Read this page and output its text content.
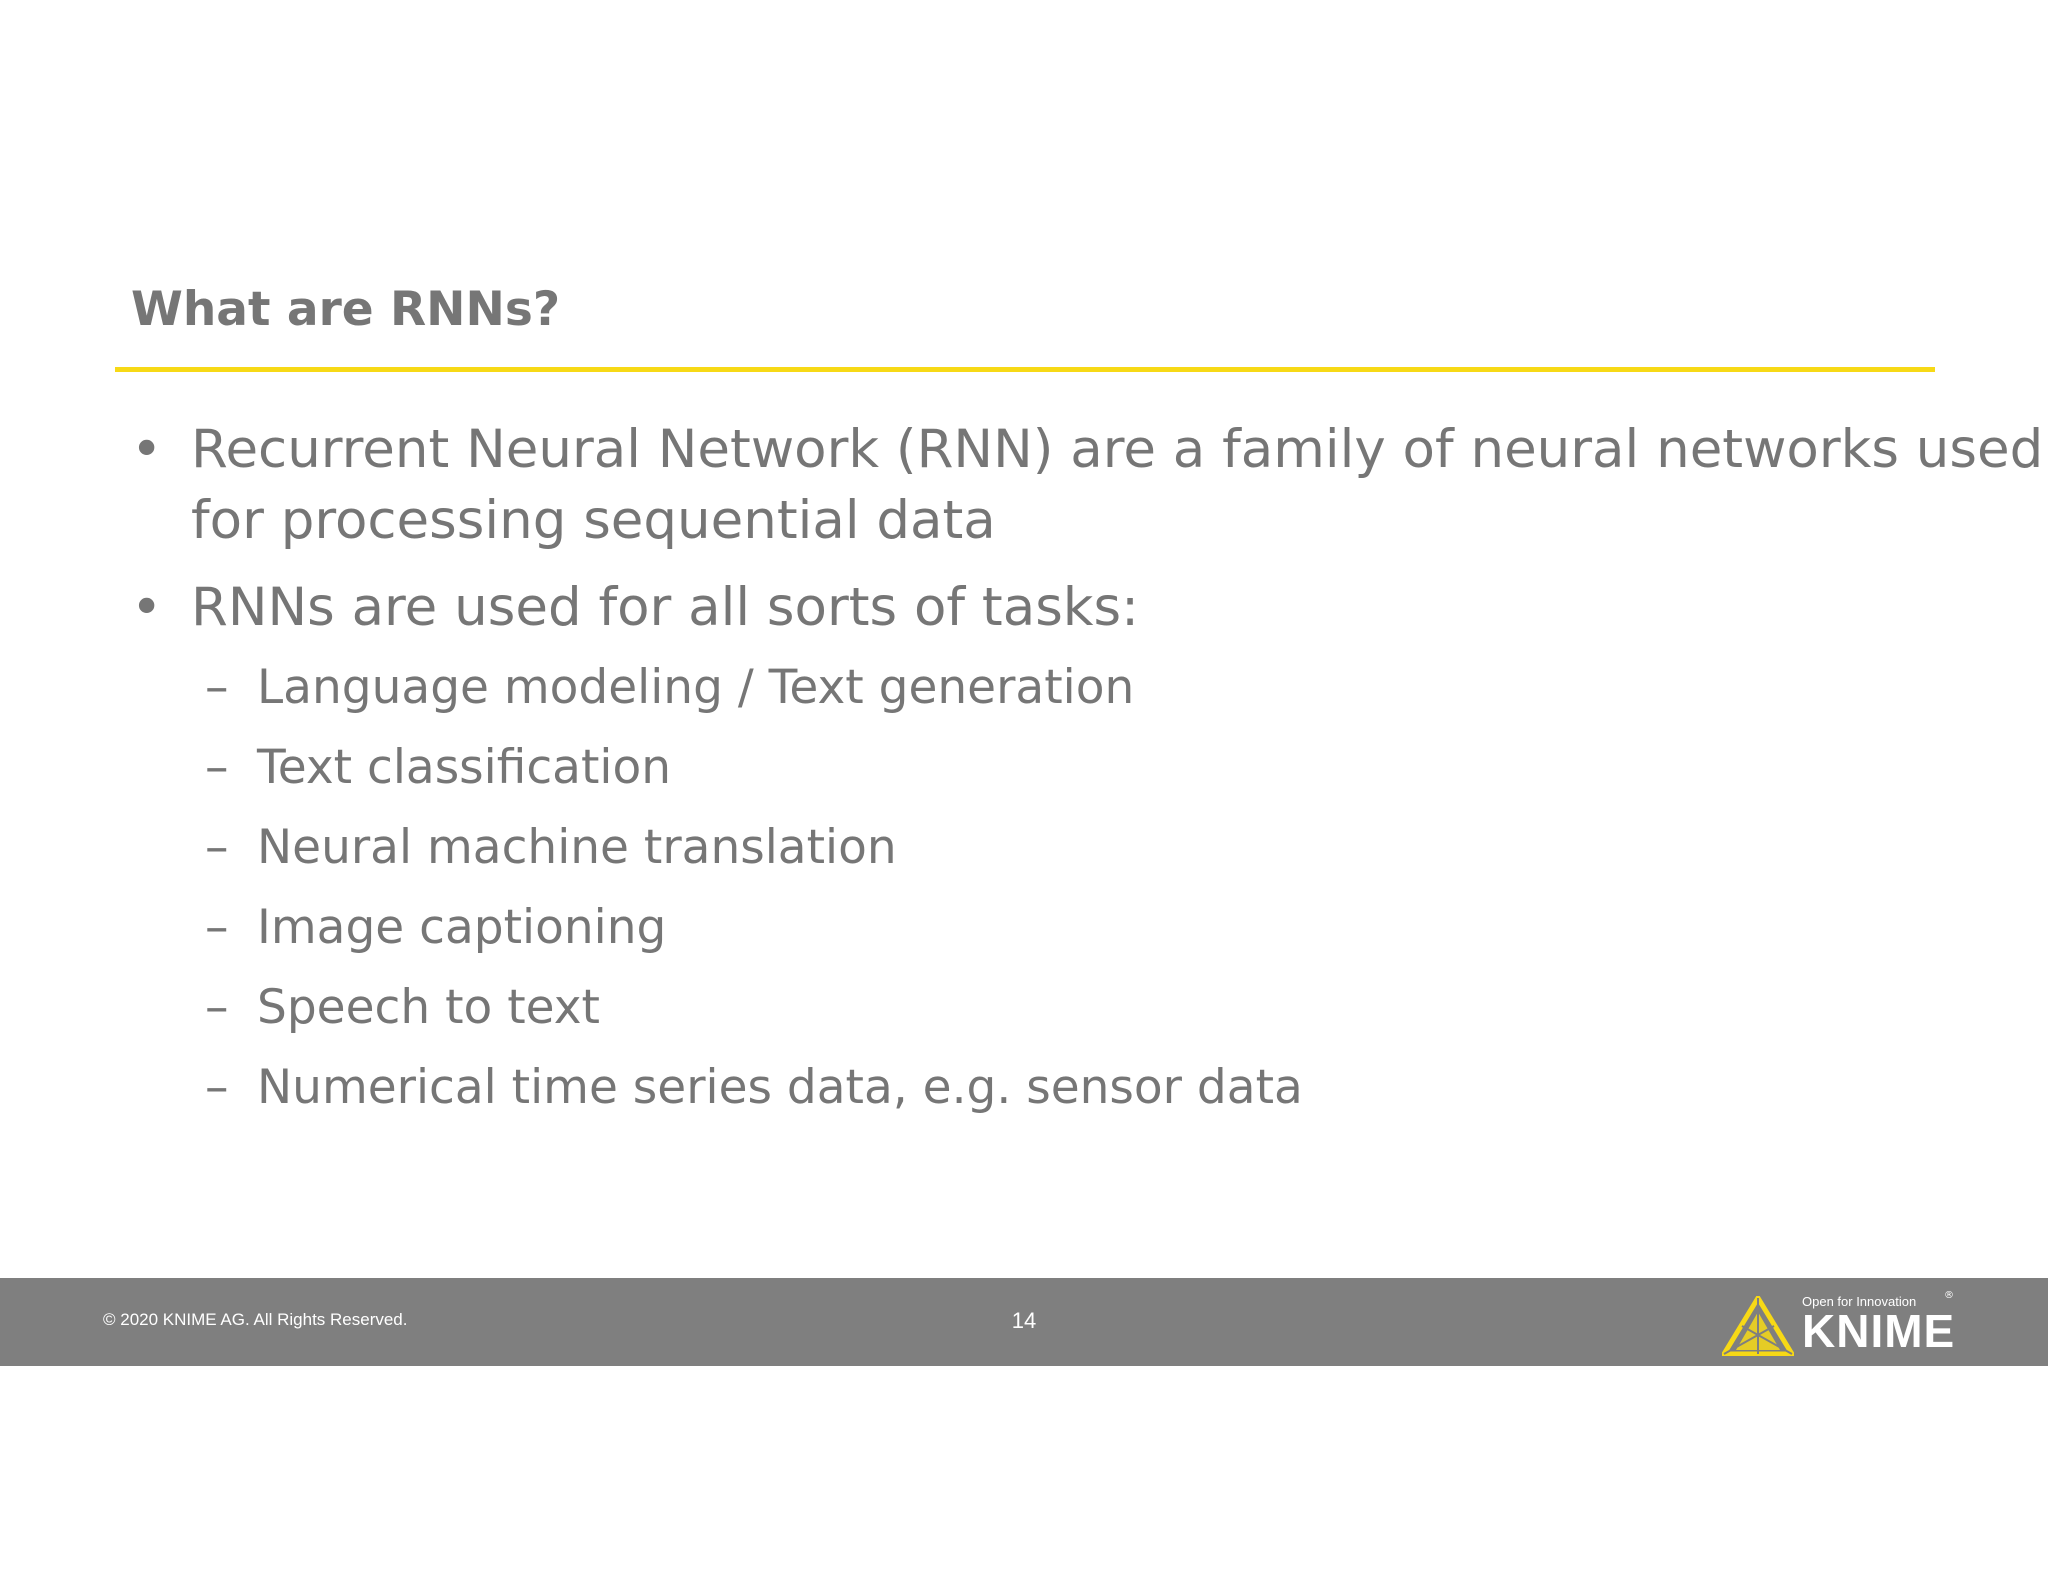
What are RNNs?
• Recurrent Neural Network (RNN) are a family of neural networks used
for processing sequential data
• RNNs are used for all sorts of tasks:
– Language modeling / Text generation
– Text classification
– Neural machine translation
– Image captioning
– Speech to text
– Numerical time series data, e.g. sensor data
© 2020 KNIME AG. All Rights Reserved.	14
Open for Innovation	®
KNIME
